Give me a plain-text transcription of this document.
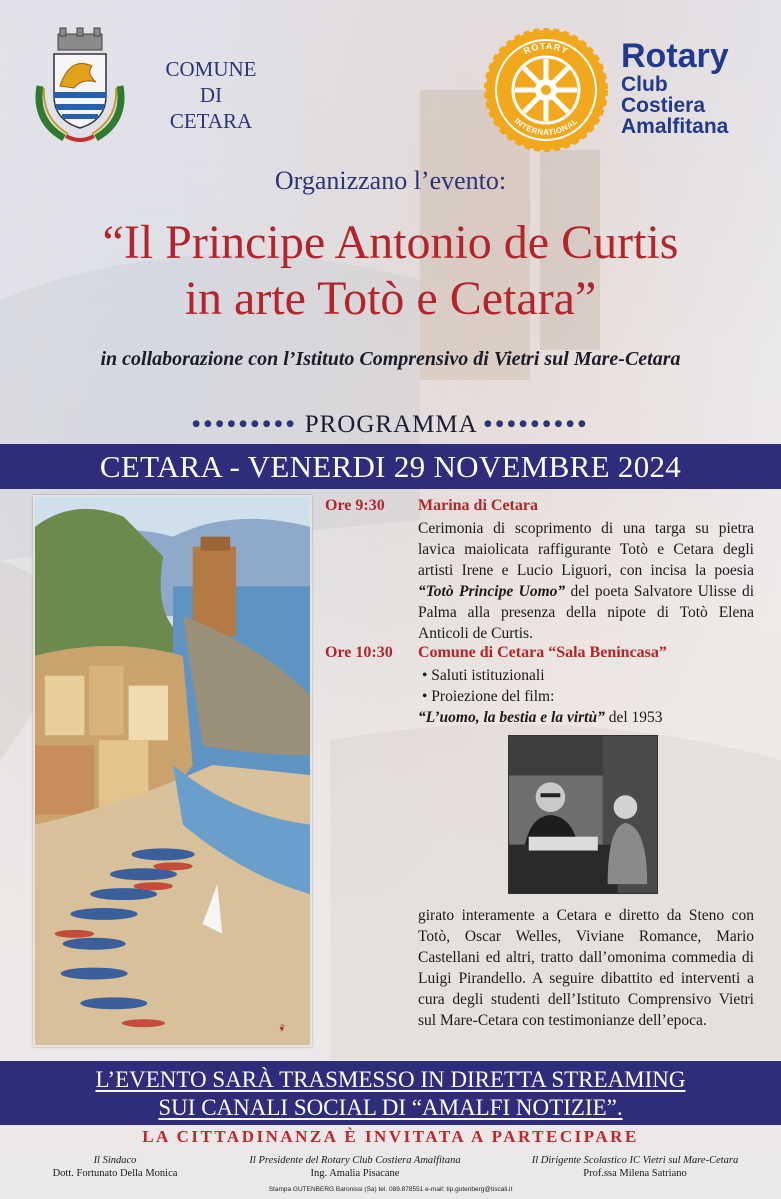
COMUNE
DI
CETARA
ROTARY
INTERNATIONAL
Rotary
Club
Costiera
Amalfitana
Organizzano l’evento:
“Il Principe Antonio de Curtis
in arte Totò e Cetara”
in collaborazione con l’Istituto Comprensivo di Vietri sul Mare-Cetara
••••••••• PROGRAMMA •••••••••
CETARA - VENERDI 29 NOVEMBRE 2024
☙
Ore 9:30 Marina di Cetara
Cerimonia di scoprimento di una targa su pietra lavica maiolicata raffigurante Totò e Cetara degli artisti Irene e Lucio Liguori, con incisa la poesia “Totò Principe Uomo” del poeta Salvatore Ulisse di Palma alla presenza della nipote di Totò Elena Anticoli de Curtis.
Ore 10:30 Comune di Cetara “Sala Benincasa”
• Saluti istituzionali
• Proiezione del film:
“L’uomo, la bestia e la virtù” del 1953
girato interamente a Cetara e diretto da Steno con Totò, Oscar Welles, Viviane Romance, Mario Castellani ed altri, tratto dall’omonima commedia di Luigi Pirandello. A seguire dibattito ed interventi a cura degli studenti dell’Istituto Comprensivo Vietri sul Mare-Cetara con testimonianze dell’epoca.
L’EVENTO SARÀ TRASMESSO IN DIRETTA STREAMING
SUI CANALI SOCIAL DI “AMALFI NOTIZIE”.
LA CITTADINANZA È INVITATA A PARTECIPARE
Il Sindaco
Dott. Fortunato Della Monica
Il Presidente del Rotary Club Costiera Amalfitana
Ing. Amalia Pisacane
Il Dirigente Scolastico IC Vietri sul Mare-Cetara
Prof.ssa Milena Satriano
Stampa GUTENBERG Baronissi (Sa) tel. 089.878551 e-mail: tip.gutenberg@tiscali.it
